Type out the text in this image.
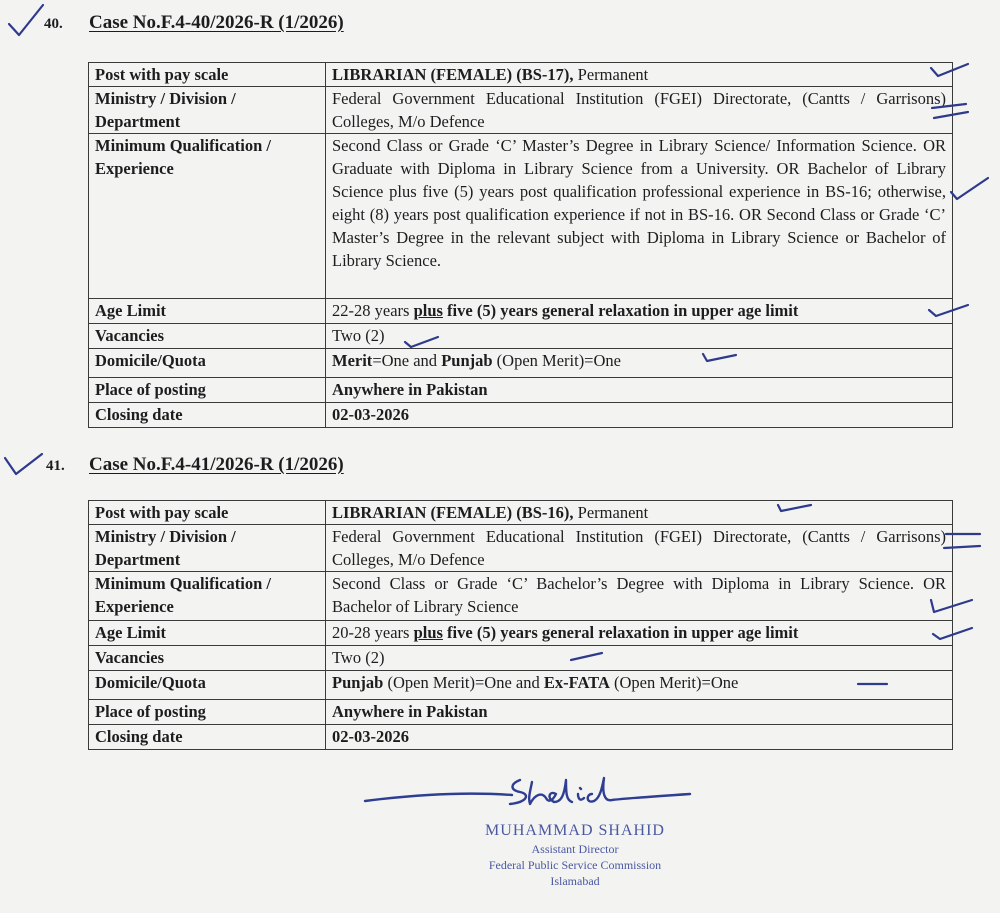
40. Case No.F.4-40/2026-R (1/2026)
Post with pay scale	LIBRARIAN (FEMALE) (BS-17), Permanent

Ministry / Division /
Department	Federal Government Educational Institution (FGEI) Directorate, (Cantts / Garrisons) Colleges, M/o Defence

Minimum Qualification /
Experience	Second Class or Grade ‘C’ Master’s Degree in Library Science/ Information Science. OR Graduate with Diploma in Library Science from a University. OR Bachelor of Library Science plus five (5) years post qualification professional experience in BS-16; otherwise, eight (8) years post qualification experience if not in BS-16. OR Second Class or Grade ‘C’ Master’s Degree in the relevant subject with Diploma in Library Science or Bachelor of Library Science.
Age Limit	22-28 years plus five (5) years general relaxation in upper age limit
Vacancies	Two (2)
Domicile/Quota	Merit=One and Punjab (Open Merit)=One
Place of posting	Anywhere in Pakistan
Closing date	02-03-2026
41. Case No.F.4-41/2026-R (1/2026)
Post with pay scale	LIBRARIAN (FEMALE) (BS-16), Permanent

Ministry / Division /
Department	Federal Government Educational Institution (FGEI) Directorate, (Cantts / Garrisons) Colleges, M/o Defence

Minimum Qualification /
Experience	Second Class or Grade ‘C’ Bachelor’s Degree with Diploma in Library Science. OR Bachelor of Library Science
Age Limit	20-28 years plus five (5) years general relaxation in upper age limit
Vacancies	Two (2)
Domicile/Quota	Punjab (Open Merit)=One and Ex-FATA (Open Merit)=One
Place of posting	Anywhere in Pakistan
Closing date	02-03-2026
MUHAMMAD SHAHID
Assistant Director
Federal Public Service Commission
Islamabad
